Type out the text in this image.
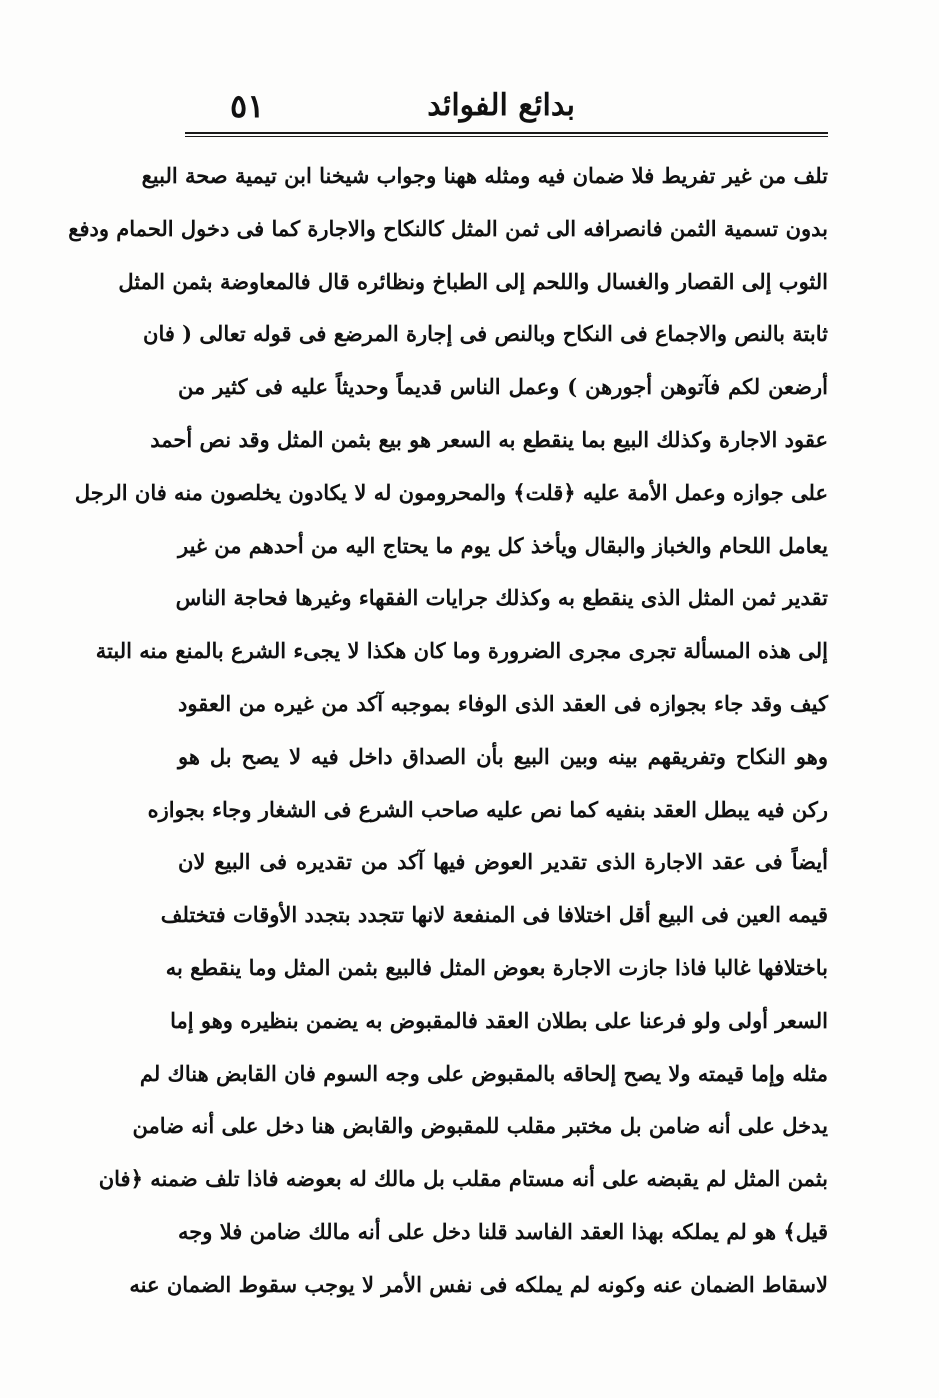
بدائع الفوائد
٥١
تلف من غير تفريط فلا ضمان فيه ومثله ههنا وجواب شيخنا ابن تيمية صحة البيع
بدون تسمية الثمن فانصرافه الى ثمن المثل كالنكاح والاجارة كما فى دخول الحمام ودفع
الثوب إلى القصار والغسال واللحم إلى الطباخ ونظائره قال فالمعاوضة بثمن المثل
ثابتة بالنص والاجماع فى النكاح وبالنص فى إجارة المرضع فى قوله تعالى ( فان
أرضعن لكم فآتوهن أجورهن ) وعمل الناس قديماً وحديثاً عليه فى كثير من
عقود الاجارة وكذلك البيع بما ينقطع به السعر هو بيع بثمن المثل وقد نص أحمد
على جوازه وعمل الأمة عليه ﴿قلت﴾ والمحرومون له لا يكادون يخلصون منه فان الرجل
يعامل اللحام والخباز والبقال ويأخذ كل يوم ما يحتاج اليه من أحدهم من غير
تقدير ثمن المثل الذى ينقطع به وكذلك جرايات الفقهاء وغيرها فحاجة الناس
إلى هذه المسألة تجرى مجرى الضرورة وما كان هكذا لا يجىء الشرع بالمنع منه البتة
كيف وقد جاء بجوازه فى العقد الذى الوفاء بموجبه آكد من غيره من العقود
وهو النكاح وتفريقهم بينه وبين البيع بأن الصداق داخل فيه لا يصح بل هو
ركن فيه يبطل العقد بنفيه كما نص عليه صاحب الشرع فى الشغار وجاء بجوازه
أيضاً فى عقد الاجارة الذى تقدير العوض فيها آكد من تقديره فى البيع لان
قيمه العين فى البيع أقل اختلافا فى المنفعة لانها تتجدد بتجدد الأوقات فتختلف
باختلافها غالبا فاذا جازت الاجارة بعوض المثل فالبيع بثمن المثل وما ينقطع به
السعر أولى ولو فرعنا على بطلان العقد فالمقبوض به يضمن بنظيره وهو إما
مثله وإما قيمته ولا يصح إلحاقه بالمقبوض على وجه السوم فان القابض هناك لم
يدخل على أنه ضامن بل مختبر مقلب للمقبوض والقابض هنا دخل على أنه ضامن
بثمن المثل لم يقبضه على أنه مستام مقلب بل مالك له بعوضه فاذا تلف ضمنه ﴿فان
قيل﴾ هو لم يملكه بهذا العقد الفاسد قلنا دخل على أنه مالك ضامن فلا وجه
لاسقاط الضمان عنه وكونه لم يملكه فى نفس الأمر لا يوجب سقوط الضمان عنه
